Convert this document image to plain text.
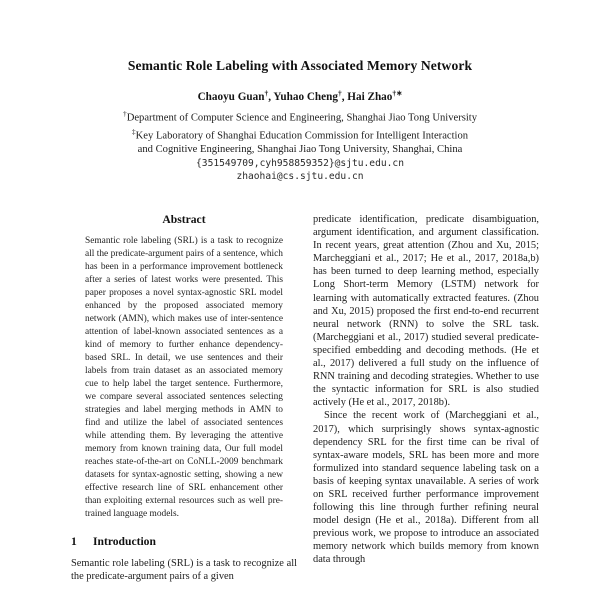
Semantic Role Labeling with Associated Memory Network
Chaoyu Guan†, Yuhao Cheng†, Hai Zhao†∗
†Department of Computer Science and Engineering, Shanghai Jiao Tong University
‡Key Laboratory of Shanghai Education Commission for Intelligent Interaction
and Cognitive Engineering, Shanghai Jiao Tong University, Shanghai, China
{351549709,cyh958859352}@sjtu.edu.cn
zhaohai@cs.sjtu.edu.cn
Abstract
Semantic role labeling (SRL) is a task to recognize all the predicate-argument pairs of a sentence, which has been in a performance improvement bottleneck after a series of latest works were presented. This paper proposes a novel syntax-agnostic SRL model enhanced by the proposed associated memory network (AMN), which makes use of inter-sentence attention of label-known associated sentences as a kind of memory to further enhance dependency-based SRL. In detail, we use sentences and their labels from train dataset as an associated memory cue to help label the target sentence. Furthermore, we compare several associated sentences selecting strategies and label merging methods in AMN to find and utilize the label of associated sentences while attending them. By leveraging the attentive memory from known training data, Our full model reaches state-of-the-art on CoNLL-2009 benchmark datasets for syntax-agnostic setting, showing a new effective research line of SRL enhancement other than exploiting external resources such as well pre-trained language models.
1 Introduction
Semantic role labeling (SRL) is a task to recognize all the predicate-argument pairs of a given
predicate identification, predicate disambiguation, argument identification, and argument classification. In recent years, great attention (Zhou and Xu, 2015; Marcheggiani et al., 2017; He et al., 2017, 2018a,b) has been turned to deep learning method, especially Long Short-term Memory (LSTM) network for learning with automatically extracted features. (Zhou and Xu, 2015) proposed the first end-to-end recurrent neural network (RNN) to solve the SRL task. (Marcheggiani et al., 2017) studied several predicate-specified embedding and decoding methods. (He et al., 2017) delivered a full study on the influence of RNN training and decoding strategies. Whether to use the syntactic information for SRL is also studied actively (He et al., 2017, 2018b).
Since the recent work of (Marcheggiani et al., 2017), which surprisingly shows syntax-agnostic dependency SRL for the first time can be rival of syntax-aware models, SRL has been more and more formulized into standard sequence labeling task on a basis of keeping syntax unavailable. A series of work on SRL received further performance improvement following this line through further refining neural model design (He et al., 2018a). Different from all previous work, we propose to introduce an associated memory network which builds memory from known data through
